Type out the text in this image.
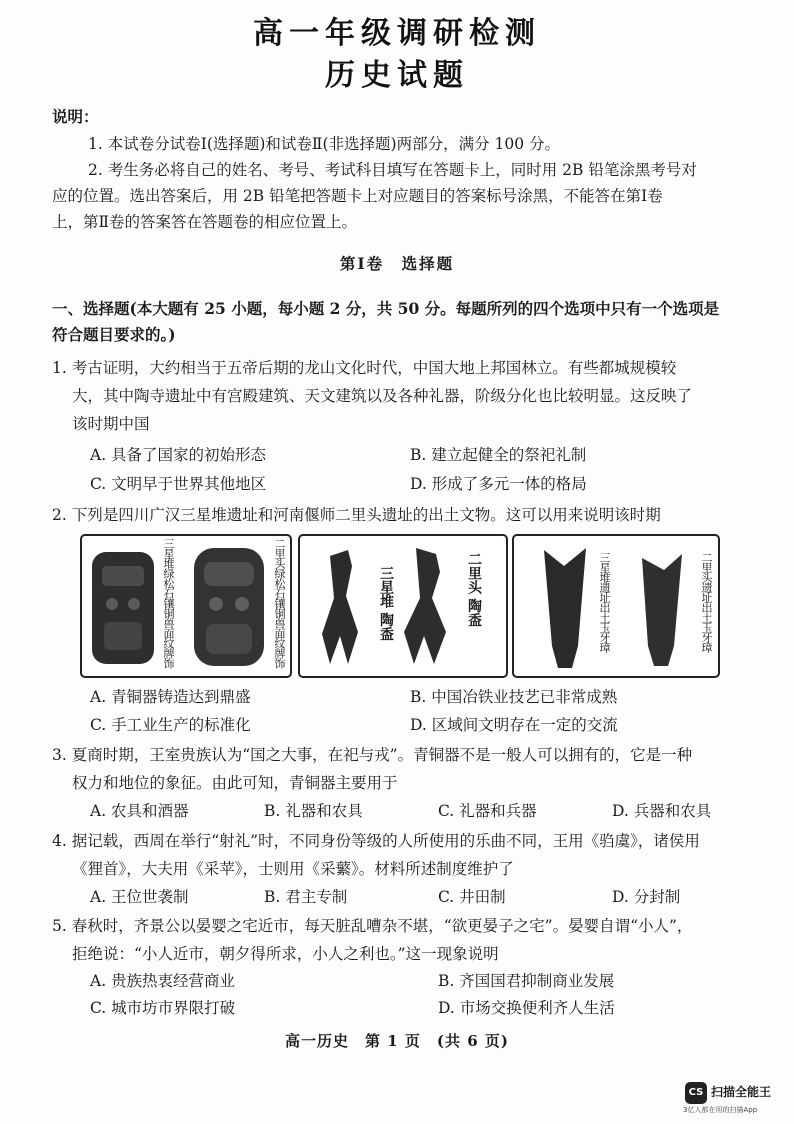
高一年级调研检测
历史试题
说明：
1. 本试卷分试卷Ⅰ(选择题)和试卷Ⅱ(非选择题)两部分，满分 100 分。
2. 考生务必将自己的姓名、考号、考试科目填写在答题卡上，同时用 2B 铅笔涂黑考号对
应的位置。选出答案后，用 2B 铅笔把答题卡上对应题目的答案标号涂黑，不能答在第Ⅰ卷
上，第Ⅱ卷的答案答在答题卷的相应位置上。
第Ⅰ卷　选择题
一、选择题(本大题有 25 小题，每小题 2 分，共 50 分。每题所列的四个选项中只有一个选项是
符合题目要求的。)
1. 考古证明，大约相当于五帝后期的龙山文化时代，中国大地上邦国林立。有些都城规模较
大，其中陶寺遗址中有宫殿建筑、天文建筑以及各种礼器，阶级分化也比较明显。这反映了
该时期中国
A. 具备了国家的初始形态	B. 建立起健全的祭祀礼制
C. 文明早于世界其他地区	D. 形成了多元一体的格局
2. 下列是四川广汉三星堆遗址和河南偃师二里头遗址的出土文物。这可以用来说明该时期
三星堆绿松石镶铜兽面纹牌饰	二里头绿松石镶铜兽面纹牌饰	三星堆 陶盉	二里头 陶盉	三星堆遗址出土玉牙璋	二里头遗址出土玉牙璋
A. 青铜器铸造达到鼎盛	B. 中国冶铁业技艺已非常成熟
C. 手工业生产的标准化	D. 区域间文明存在一定的交流
3. 夏商时期，王室贵族认为“国之大事，在祀与戎”。青铜器不是一般人可以拥有的，它是一种
权力和地位的象征。由此可知，青铜器主要用于
A. 农具和酒器	B. 礼器和农具	C. 礼器和兵器	D. 兵器和农具
4. 据记载，西周在举行“射礼”时，不同身份等级的人所使用的乐曲不同，王用《驺虞》，诸侯用
《狸首》，大夫用《采苹》，士则用《采蘩》。材料所述制度维护了
A. 王位世袭制	B. 君主专制	C. 井田制	D. 分封制
5. 春秋时，齐景公以晏婴之宅近市，每天脏乱嘈杂不堪，“欲更晏子之宅”。晏婴自谓“小人”，
拒绝说：“小人近市，朝夕得所求，小人之利也。”这一现象说明
A. 贵族热衷经营商业	B. 齐国国君抑制商业发展
C. 城市坊市界限打破	D. 市场交换便利齐人生活
高一历史　第 1 页　(共 6 页)
CS 扫描全能王
3亿人都在用的扫描App
